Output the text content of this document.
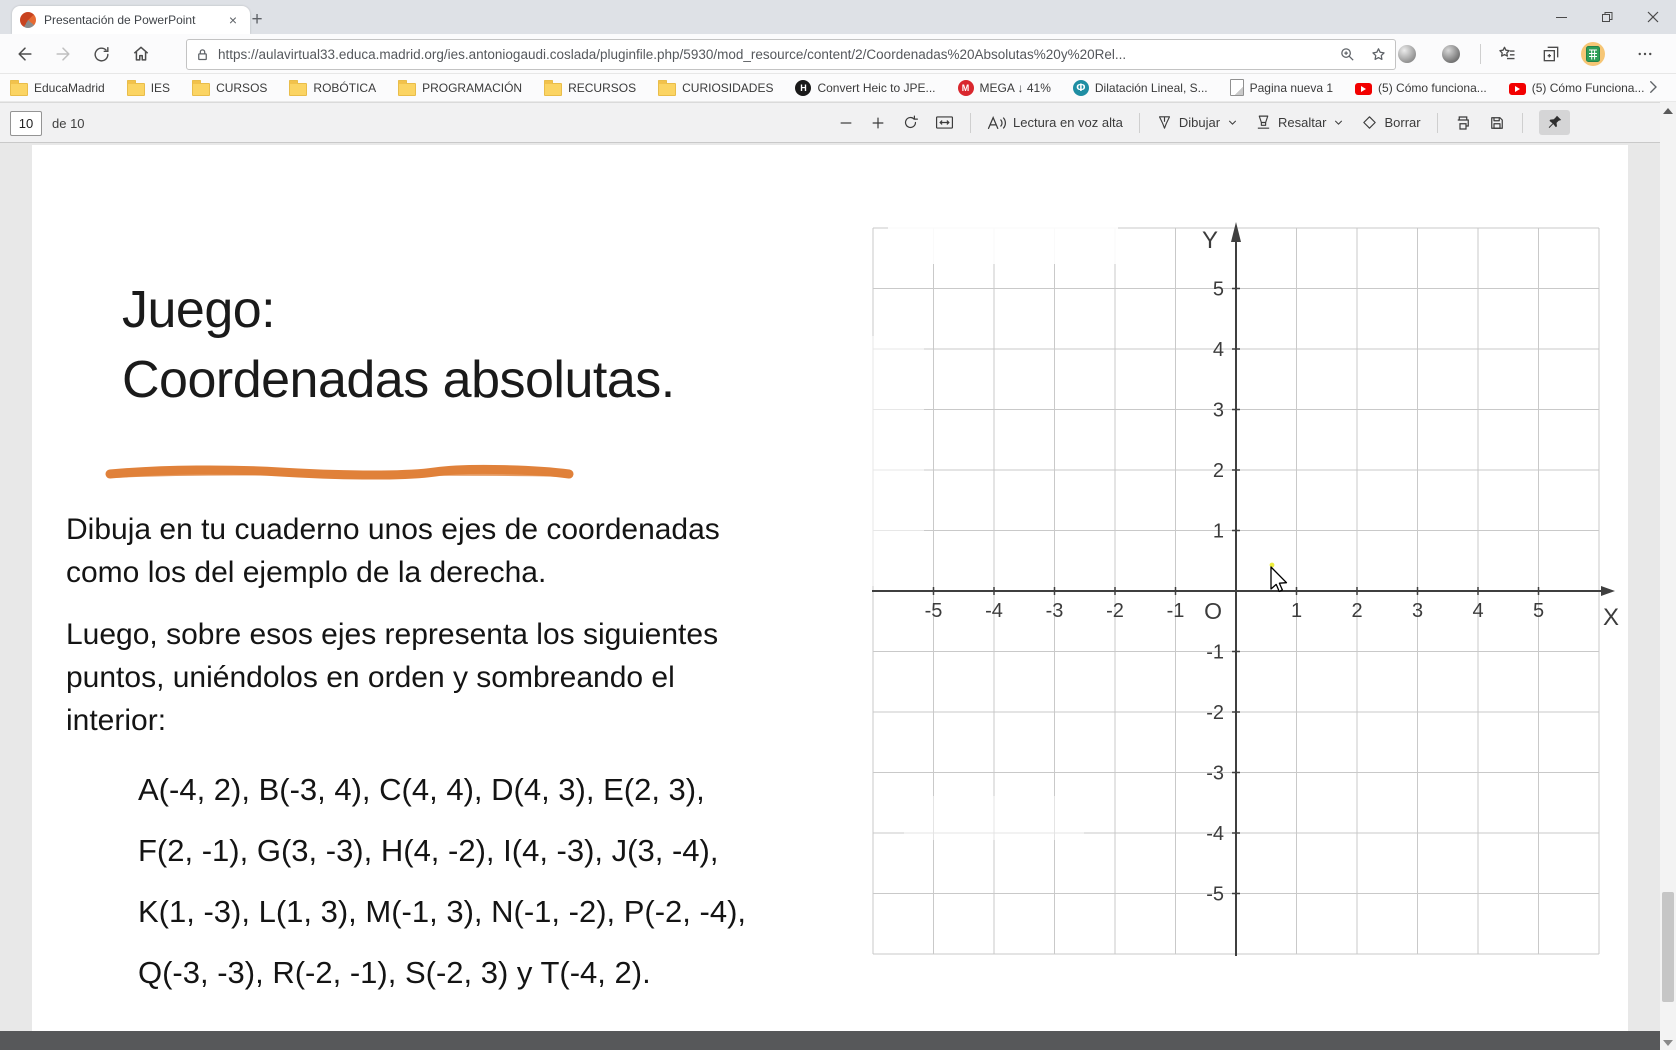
Presentación de PowerPoint	× +
https://aulavirtual33.educa.madrid.org/ies.antoniogaudi.coslada/pluginfile.php/5930/mod_resource/content/2/Coordenadas%20Absolutas%20y%20Rel...
EducaMadrid	IES	CURSOS	ROBÓTICA	PROGRAMACIÓN	RECURSOS	CURIOSIDADES H	Convert Heic to JPE... M	MEGA ↓ 41% Φ	Dilatación Lineal, S...	Pagina nueva 1	(5) Cómo funciona...	(5) Cómo Funciona...
10
de 10	Lectura en voz alta	Dibujar	Resaltar	Borrar
Juego:
Coordenadas absolutas.
Dibuja en tu cuaderno unos ejes de coordenadas
como los del ejemplo de la derecha.
Luego, sobre esos ejes representa los siguientes
puntos, uniéndolos en orden y sombreando el
interior:
A(-4, 2), B(-3, 4), C(4, 4), D(4, 3), E(2, 3),
F(2, -1), G(3, -3), H(4, -2), I(4, -3), J(3, -4),
K(1, -3), L(1, 3), M(-1, 3), N(-1, -2), P(-2, -4),
Q(-3, -3), R(-2, -1), S(-2, 3) y T(-4, 2).
-5 -4 -3 -2 -1	1 2 3 4 5
5
4
3
2
1
-1
-2
-3
-4
-5
O
Y
X
